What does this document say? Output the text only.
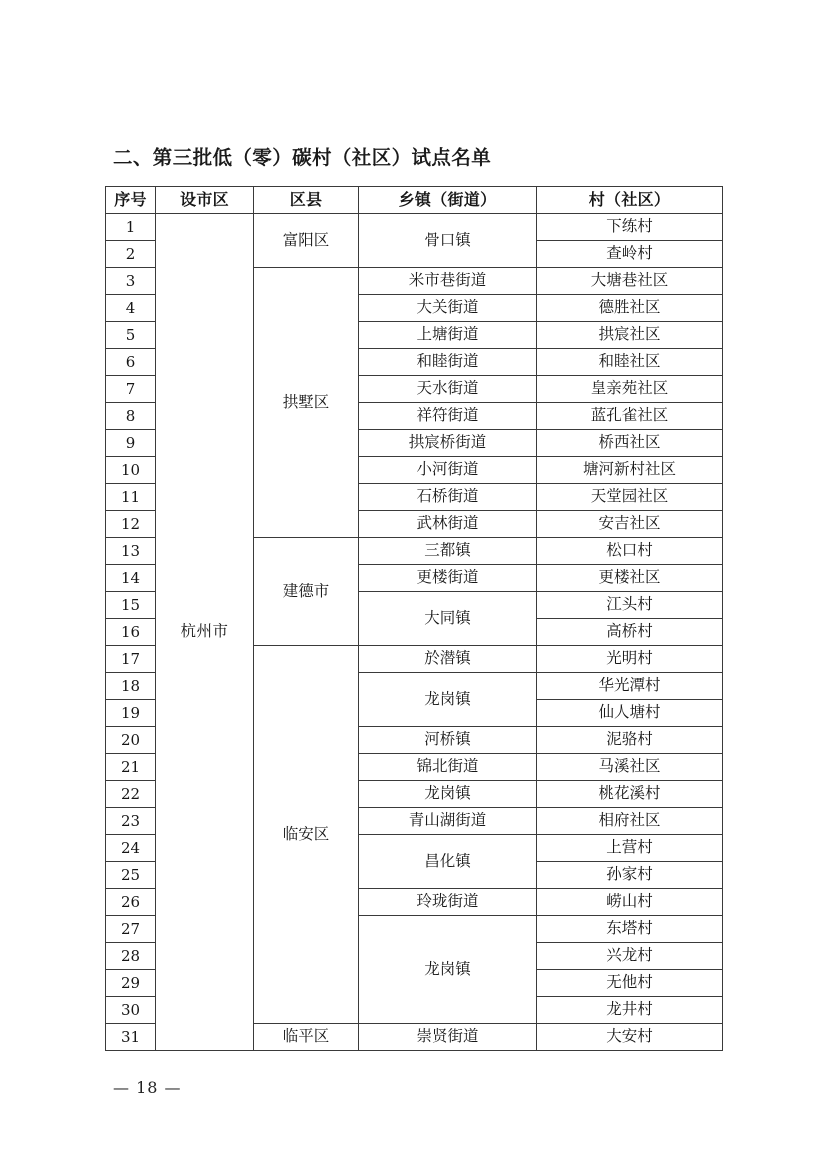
二、第三批低（零）碳村（社区）试点名单
序号	设市区	区县	乡镇（街道）	村（社区）
1	杭州市	富阳区	骨口镇	下练村
2				查岭村
3		拱墅区	米市巷街道	大塘巷社区
4			大关街道	德胜社区
5			上塘街道	拱宸社区
6			和睦街道	和睦社区
7			天水街道	皇亲苑社区
8			祥符街道	蓝孔雀社区
9			拱宸桥街道	桥西社区
10			小河街道	塘河新村社区
11			石桥街道	天堂园社区
12			武林街道	安吉社区
13		建德市	三都镇	松口村
14			更楼街道	更楼社区
15			大同镇	江头村
16				高桥村
17		临安区	於潜镇	光明村
18			龙岗镇	华光潭村
19				仙人塘村
20			河桥镇	泥骆村
21			锦北街道	马溪社区
22			龙岗镇	桃花溪村
23			青山湖街道	相府社区
24			昌化镇	上营村
25				孙家村
26			玲珑街道	崂山村
27			龙岗镇	东塔村
28				兴龙村
29				无他村
30				龙井村
31		临平区	崇贤街道	大安村
— 18 —
